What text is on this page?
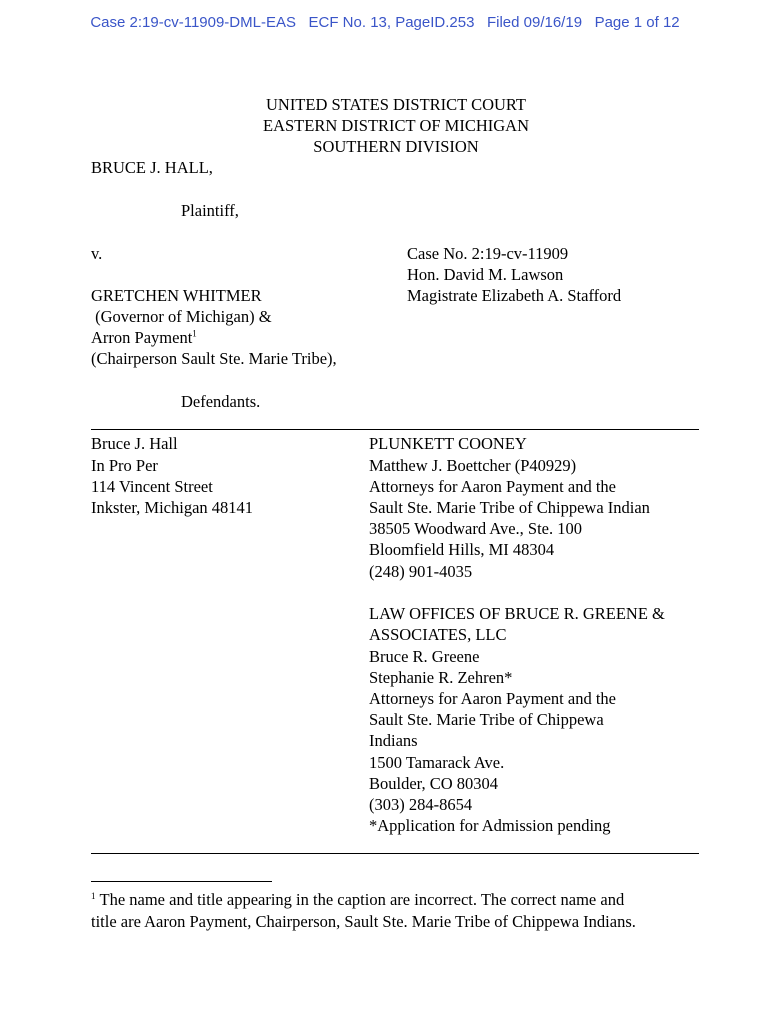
Case 2:19-cv-11909-DML-EAS ECF No. 13, PageID.253 Filed 09/16/19 Page 1 of 12
UNITED STATES DISTRICT COURT
EASTERN DISTRICT OF MICHIGAN
SOUTHERN DIVISION
BRUCE J. HALL,
Plaintiff,
v.
GRETCHEN WHITMER
(Governor of Michigan) &
Arron Payment$^1$
(Chairperson Sault Ste. Marie Tribe),
Defendants.
Case No. 2:19-cv-11909
Hon. David M. Lawson
Magistrate Elizabeth A. Stafford
Bruce J. Hall
In Pro Per
114 Vincent Street
Inkster, Michigan 48141
PLUNKETT COONEY
Matthew J. Boettcher (P40929)
Attorneys for Aaron Payment and the
Sault Ste. Marie Tribe of Chippewa Indian
38505 Woodward Ave., Ste. 100
Bloomfield Hills, MI 48304
(248) 901-4035
LAW OFFICES OF BRUCE R. GREENE &
ASSOCIATES, LLC
Bruce R. Greene
Stephanie R. Zehren*
Attorneys for Aaron Payment and the
Sault Ste. Marie Tribe of Chippewa
Indians
1500 Tamarack Ave.
Boulder, CO 80304
(303) 284-8654
*Application for Admission pending
$^1$ The name and title appearing in the caption are incorrect. The correct name and
title are Aaron Payment, Chairperson, Sault Ste. Marie Tribe of Chippewa Indians.
